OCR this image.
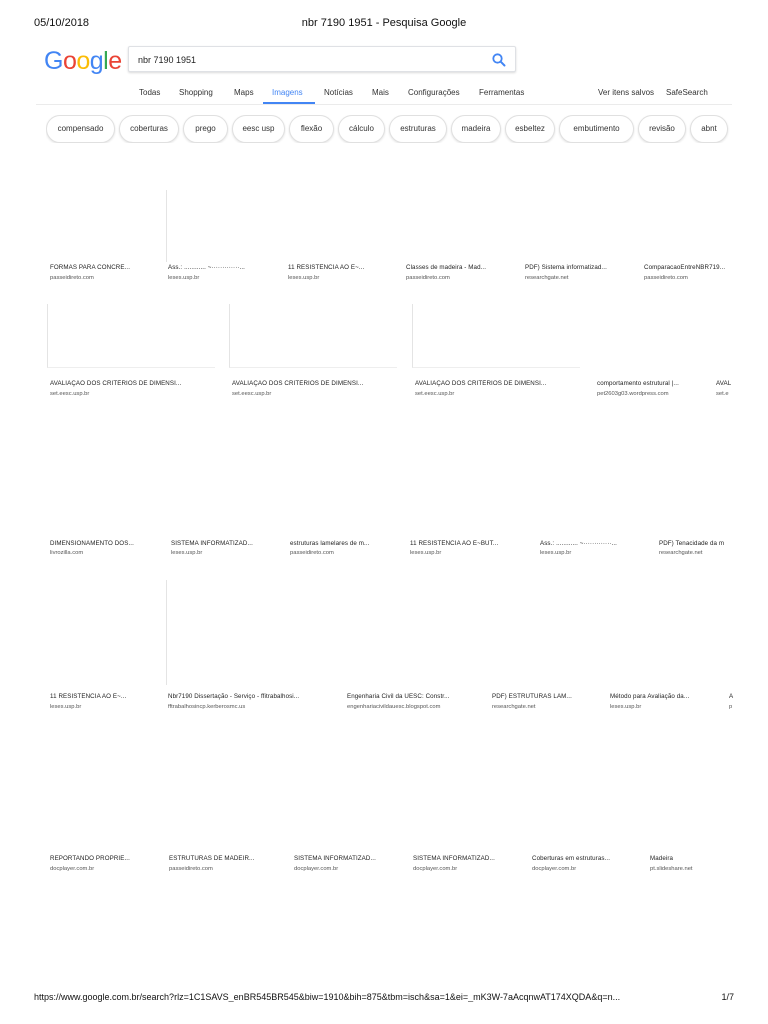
05/10/2018	nbr 7190 1951 - Pesquisa Google
Google
nbr 7190 1951
Todas Shopping	Maps Imagens	Notícias Mais Configurações Ferramentas	Ver itens salvos SafeSearch
compensado	coberturas	prego	eesc usp	flexão	cálculo	estruturas	madeira	esbeltez	embutimento	revisão	abnt
FÔRMAS PARA CONCRE...	Ass.: ............ ~·············...	11 RESISTÊNCIA AO E~...	Classes de madeira - Mad...	PDF) Sistema informatizad...	ComparacaoEntreNBR719...
passeidireto.com	leses.usp.br	leses.usp.br	passeidireto.com	researchgate.net	passeidireto.com
AVALIAÇÃO DOS CRITÉRIOS DE DIMENSI...	AVALIAÇÃO DOS CRITÉRIOS DE DIMENSI...	AVALIAÇÃO DOS CRITÉRIOS DE DIMENSI...	comportamento estrutural |...	AVAL
set.eesc.usp.br	set.eesc.usp.br	set.eesc.usp.br	pet2603g03.wordpress.com	set.e
DIMENSIONAMENTO DOS...	SISTEMA INFORMATIZAD...	estruturas lamelares de m...	11 RESISTÊNCIA AO E~BUT...	Ass.: ............ ~·············...	PDF) Tenacidade da m
livrozilla.com	leses.usp.br	passeidireto.com	leses.usp.br	leses.usp.br	researchgate.net
11 RESISTÊNCIA AO E~...	Nbr7190 Dissertação - Serviço - ffitrabalhosi...	Engenharia Civil da UESC: Constr...	PDF) ESTRUTURAS LAM...	Método para Avaliação da...	A
leses.usp.br	fftrabalhosincp.kerberosmc.us	engenhariacivildauesc.blogspot.com	researchgate.net	leses.usp.br	p
REPORTANDO PROPRIE...	ESTRUTURAS DE MADEIR...	SISTEMA INFORMATIZAD...	SISTEMA INFORMATIZAD...	Coberturas em estruturas...	Madeira
docplayer.com.br	passeidireto.com	docplayer.com.br	docplayer.com.br	docplayer.com.br	pt.slideshare.net
https://www.google.com.br/search?rlz=1C1SAVS_enBR545BR545&biw=1910&bih=875&tbm=isch&sa=1&ei=_mK3W-7aAcqnwAT174XQDA&q=n...	1/7
